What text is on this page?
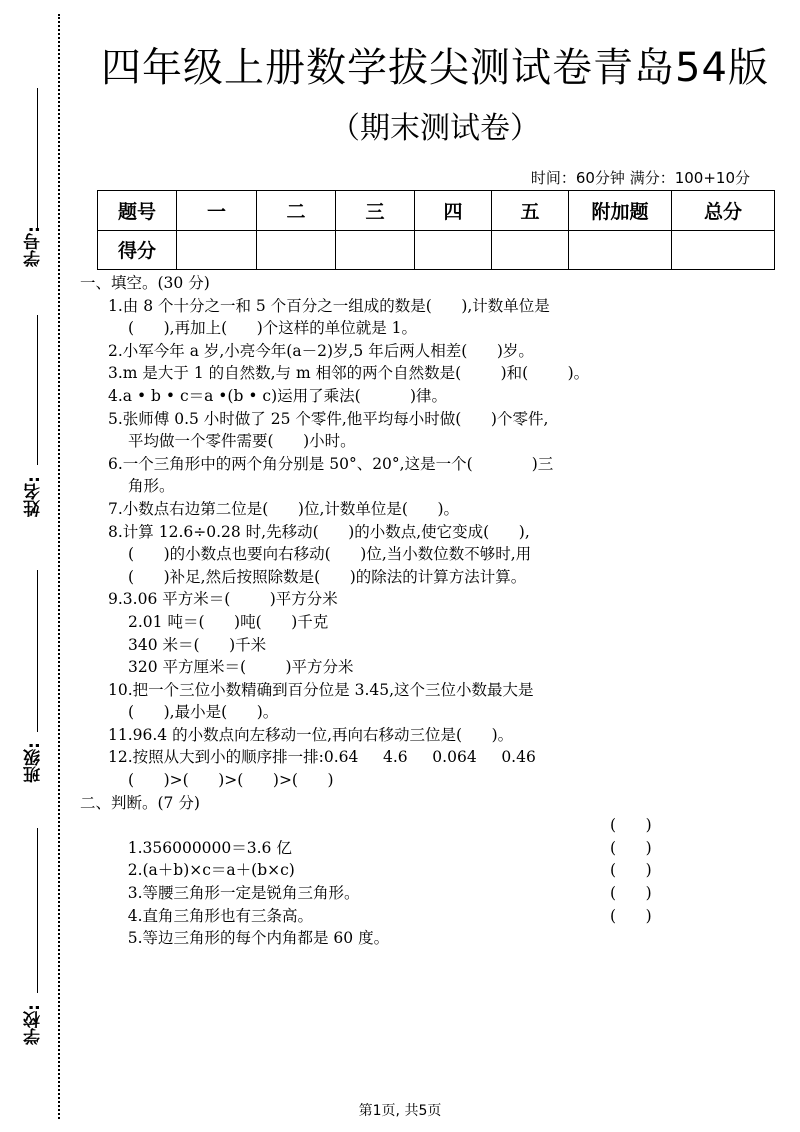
学号:
姓名:
班级:
学校:
四年级上册数学拔尖测试卷青岛54版
（期末测试卷）
时间：60分钟 满分：100+10分
题号	一	二	三	四	五	附加题	总分
得分							
一、填空。(30 分)
1.由 8 个十分之一和 5 个百分之一组成的数是(      ),计数单位是
(      ),再加上(      )个这样的单位就是 1。
2.小军今年 a 岁,小亮今年(a－2)岁,5 年后两人相差(      )岁。
3.m 是大于 1 的自然数,与 m 相邻的两个自然数是(        )和(        )。
4.a • b • c＝a •(b • c)运用了乘法(          )律。
5.张师傅 0.5 小时做了 25 个零件,他平均每小时做(      )个零件,
平均做一个零件需要(      )小时。
6.一个三角形中的两个角分别是 50°、20°,这是一个(            )三
角形。
7.小数点右边第二位是(      )位,计数单位是(      )。
8.计算 12.6÷0.28 时,先移动(      )的小数点,使它变成(      ),
(      )的小数点也要向右移动(      )位,当小数位数不够时,用
(      )补足,然后按照除数是(      )的除法的计算方法计算。
9.3.06 平方米＝(        )平方分米
2.01 吨＝(      )吨(      )千克
340 米＝(      )千米
320 平方厘米＝(        )平方分米
10.把一个三位小数精确到百分位是 3.45,这个三位小数最大是
(      ),最小是(      )。
11.96.4 的小数点向左移动一位,再向右移动三位是(      )。
12.按照从大到小的顺序排一排:0.64     4.6     0.064     0.46
(      )>(      )>(      )>(      )
二、判断。(7 分)

1.356000000＝3.6 亿

(      )

2.(a＋b)×c＝a＋(b×c)

(      )

3.等腰三角形一定是锐角三角形。

(      )

4.直角三角形也有三条高。

(      )

5.等边三角形的每个内角都是 60 度。

(      )

第1页, 共5页
